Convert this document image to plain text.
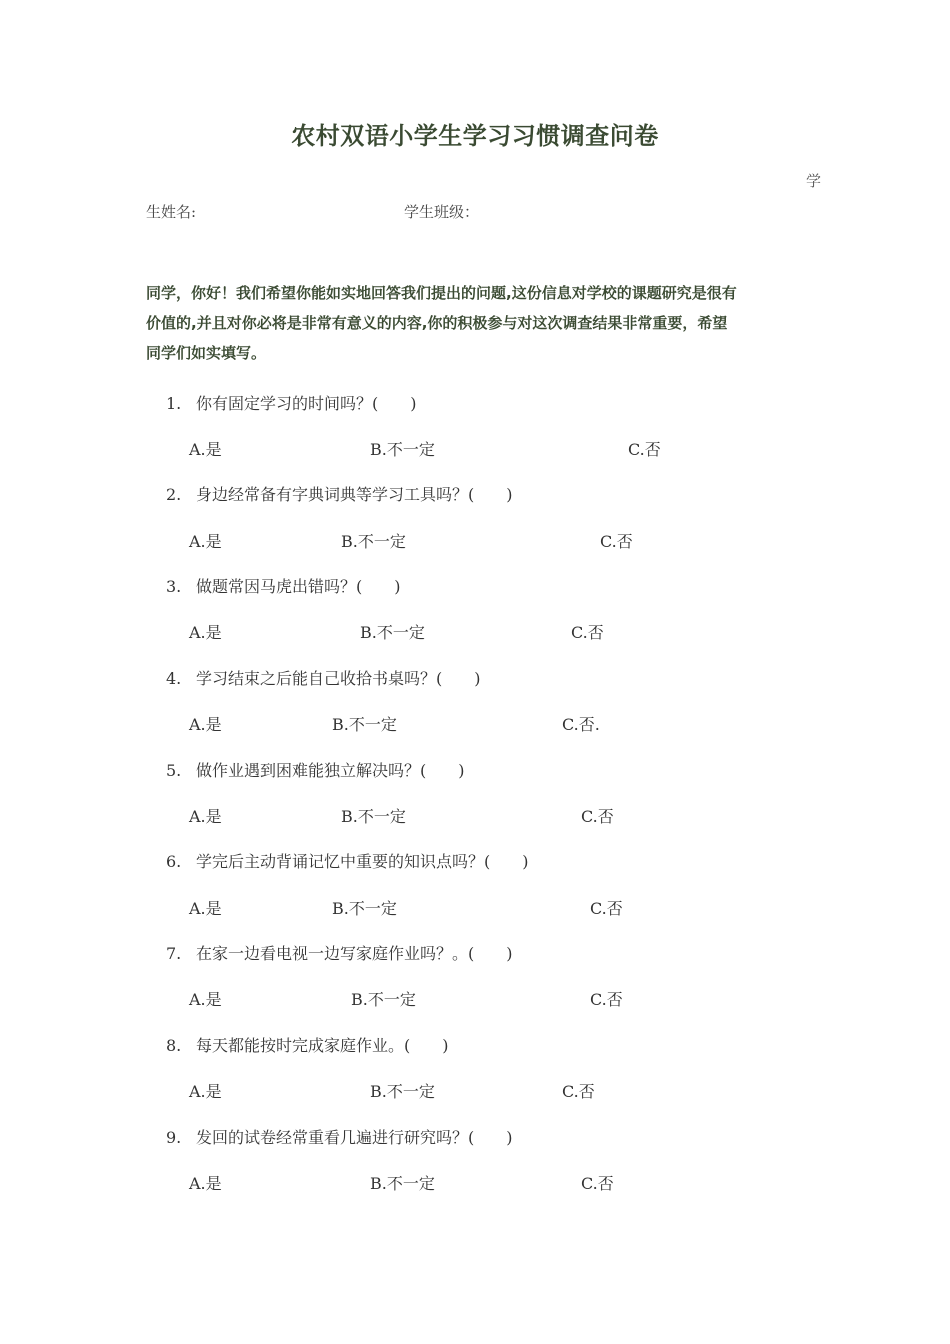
农村双语小学生学习习惯调查问卷
学
生姓名:	学生班级：

同学，你好！我们希望你能如实地回答我们提出的问题,这份信息对学校的课题研究是很有

价值的,并且对你必将是非常有意义的内容,你的积极参与对这次调查结果非常重要，希望

同学们如实填写。

1. 你有固定学习的时间吗？(　　)
A.是	B.不一定	C.否
2. 身边经常备有字典词典等学习工具吗？(　　)
A.是	B.不一定	C.否
3. 做题常因马虎出错吗？(　　)
A.是	B.不一定	C.否
4. 学习结束之后能自己收拾书桌吗？(　　)
A.是	B.不一定	C.否.
5. 做作业遇到困难能独立解决吗？(　　)
A.是	B.不一定	C.否
6. 学完后主动背诵记忆中重要的知识点吗？(　　)
A.是	B.不一定	C.否
7. 在家一边看电视一边写家庭作业吗？。(　　)
A.是	B.不一定	C.否
8. 每天都能按时完成家庭作业。(　　)
A.是	B.不一定	C.否
9. 发回的试卷经常重看几遍进行研究吗？(　　)
A.是	B.不一定	C.否
